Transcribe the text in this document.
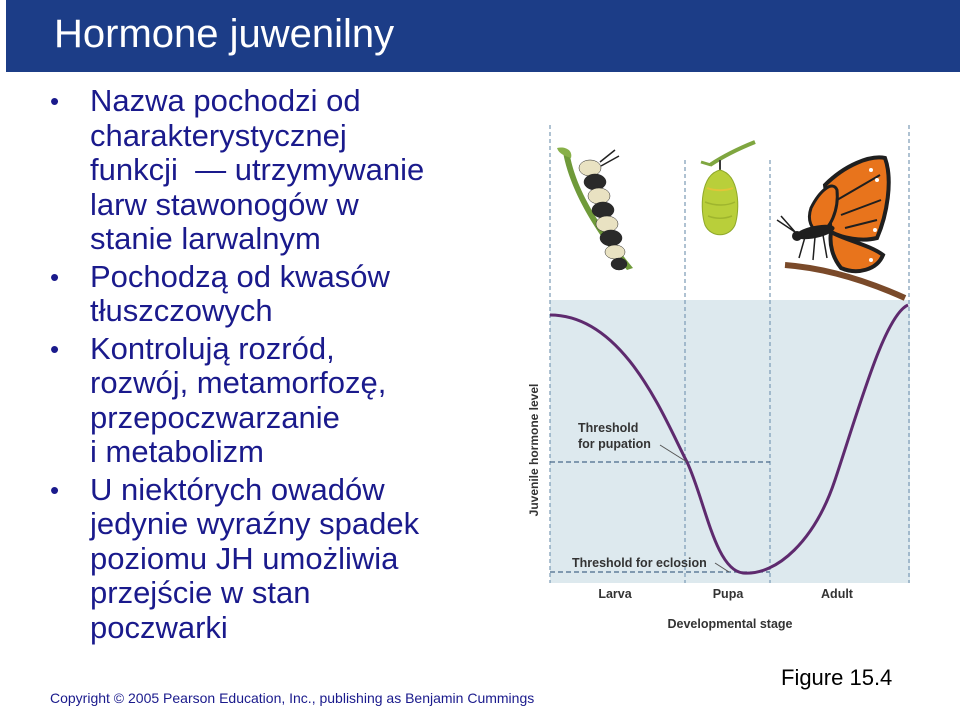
Hormone juwenilny
• Nazwa pochodzi od
charakterystycznej
funkcji  — utrzymywanie
larw stawonogów w
stanie larwalnym
• Pochodzą od kwasów
tłuszczowych
• Kontrolują rozród,
rozwój, metamorfozę,
przepoczwarzanie
i metabolizm
• U niektórych owadów
jedynie wyraźny spadek
poziomu JH umożliwia
przejście w stan
poczwarki
Juvenile hormone level	Threshold
for pupation
Threshold for eclosion
Larva	Pupa	Adult
Developmental stage
Copyright © 2005 Pearson Education, Inc., publishing as Benjamin Cummings
Figure 15.4
